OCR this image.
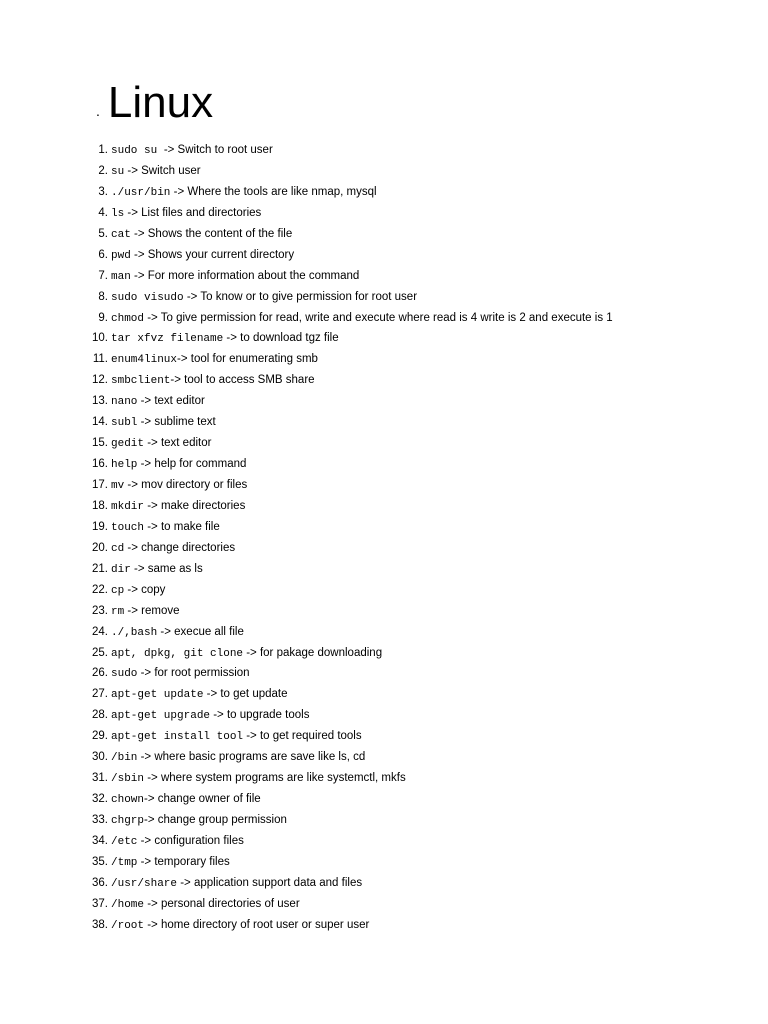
. Linux
1. sudo su -> Switch to root user
2. su -> Switch user
3. ./usr/bin -> Where the tools are like nmap, mysql
4. ls -> List files and directories
5. cat -> Shows the content of the file
6. pwd -> Shows your current directory
7. man -> For more information about the command
8. sudo visudo -> To know or to give permission for root user
9. chmod -> To give permission for read, write and execute where read is 4 write is 2 and execute is 1
10. tar xfvz filename -> to download tgz file
11. enum4linux-> tool for enumerating smb
12. smbclient-> tool to access SMB share
13. nano -> text editor
14. subl -> sublime text
15. gedit -> text editor
16. help -> help for command
17. mv -> mov directory or files
18. mkdir -> make directories
19. touch -> to make file
20. cd -> change directories
21. dir -> same as ls
22. cp -> copy
23. rm -> remove
24. ./,bash -> execue all file
25. apt, dpkg, git clone -> for pakage downloading
26. sudo -> for root permission
27. apt-get update -> to get update
28. apt-get upgrade -> to upgrade tools
29. apt-get install tool -> to get required tools
30. /bin -> where basic programs are save like ls, cd
31. /sbin -> where system programs are like systemctl, mkfs
32. chown-> change owner of file
33. chgrp-> change group permission
34. /etc -> configuration files
35. /tmp -> temporary files
36. /usr/share -> application support data and files
37. /home -> personal directories of user
38. /root -> home directory of root user or super user
